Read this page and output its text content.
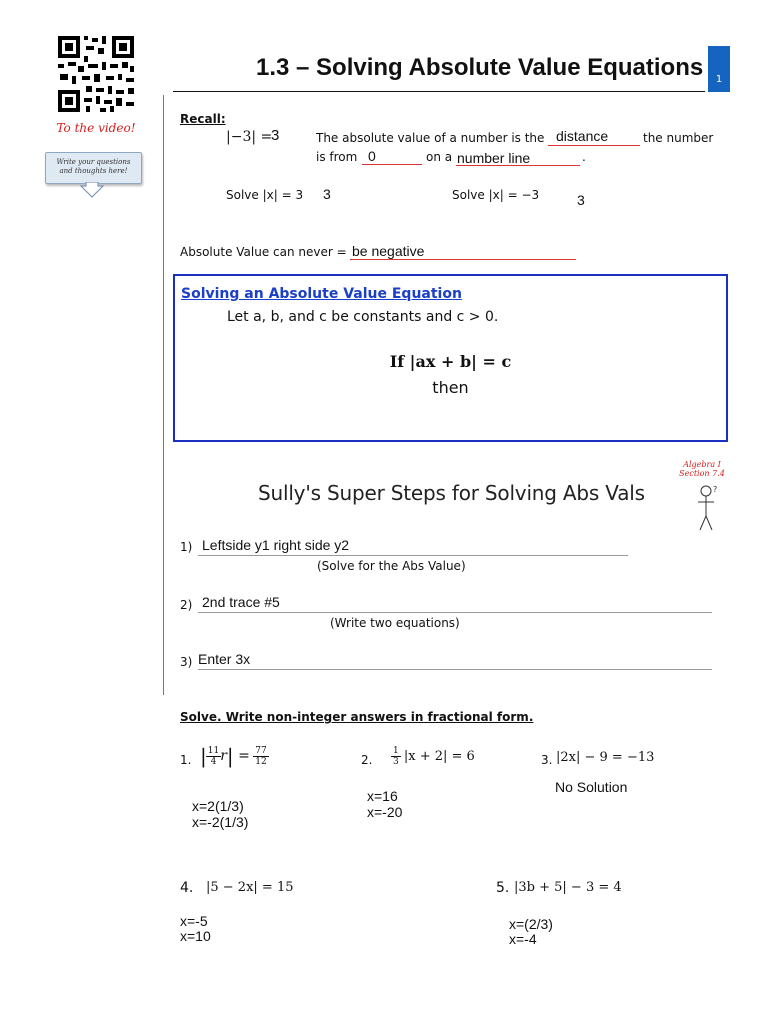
To the video!
Write your questions and thoughts here!
1.3 – Solving Absolute Value Equations	1
Recall:
|−3| =
3	The absolute value of a number is the distance	the number
is from 0	on a number line	.
Solve |x| = 3 3	Solve |x| = −3	3
Absolute Value can never = be negative
Solving an Absolute Value Equation
Let a, b, and c be constants and c > 0.
If |ax + b| = c
then
Algebra I
Section 7.4
?
Sully's Super Steps for Solving Abs Vals
1) Leftside y1 right side y2
(Solve for the Abs Value)
2) 2nd trace #5
(Write two equations)
3) Enter 3x
Solve. Write non-integer answers in fractional form.
1. | $\frac{11}{4} r| = \frac{77}{12}$
x=2(1/3)
x=-2(1/3)
2. $\frac{1}{3} |x + 2| = 6$
x=16
x=-20
3. |2x| − 9 = −13
No Solution
4. |5 − 2x| = 15
x=-5
x=10
5. |3b + 5| − 3 = 4
x=(2/3)
x=-4
